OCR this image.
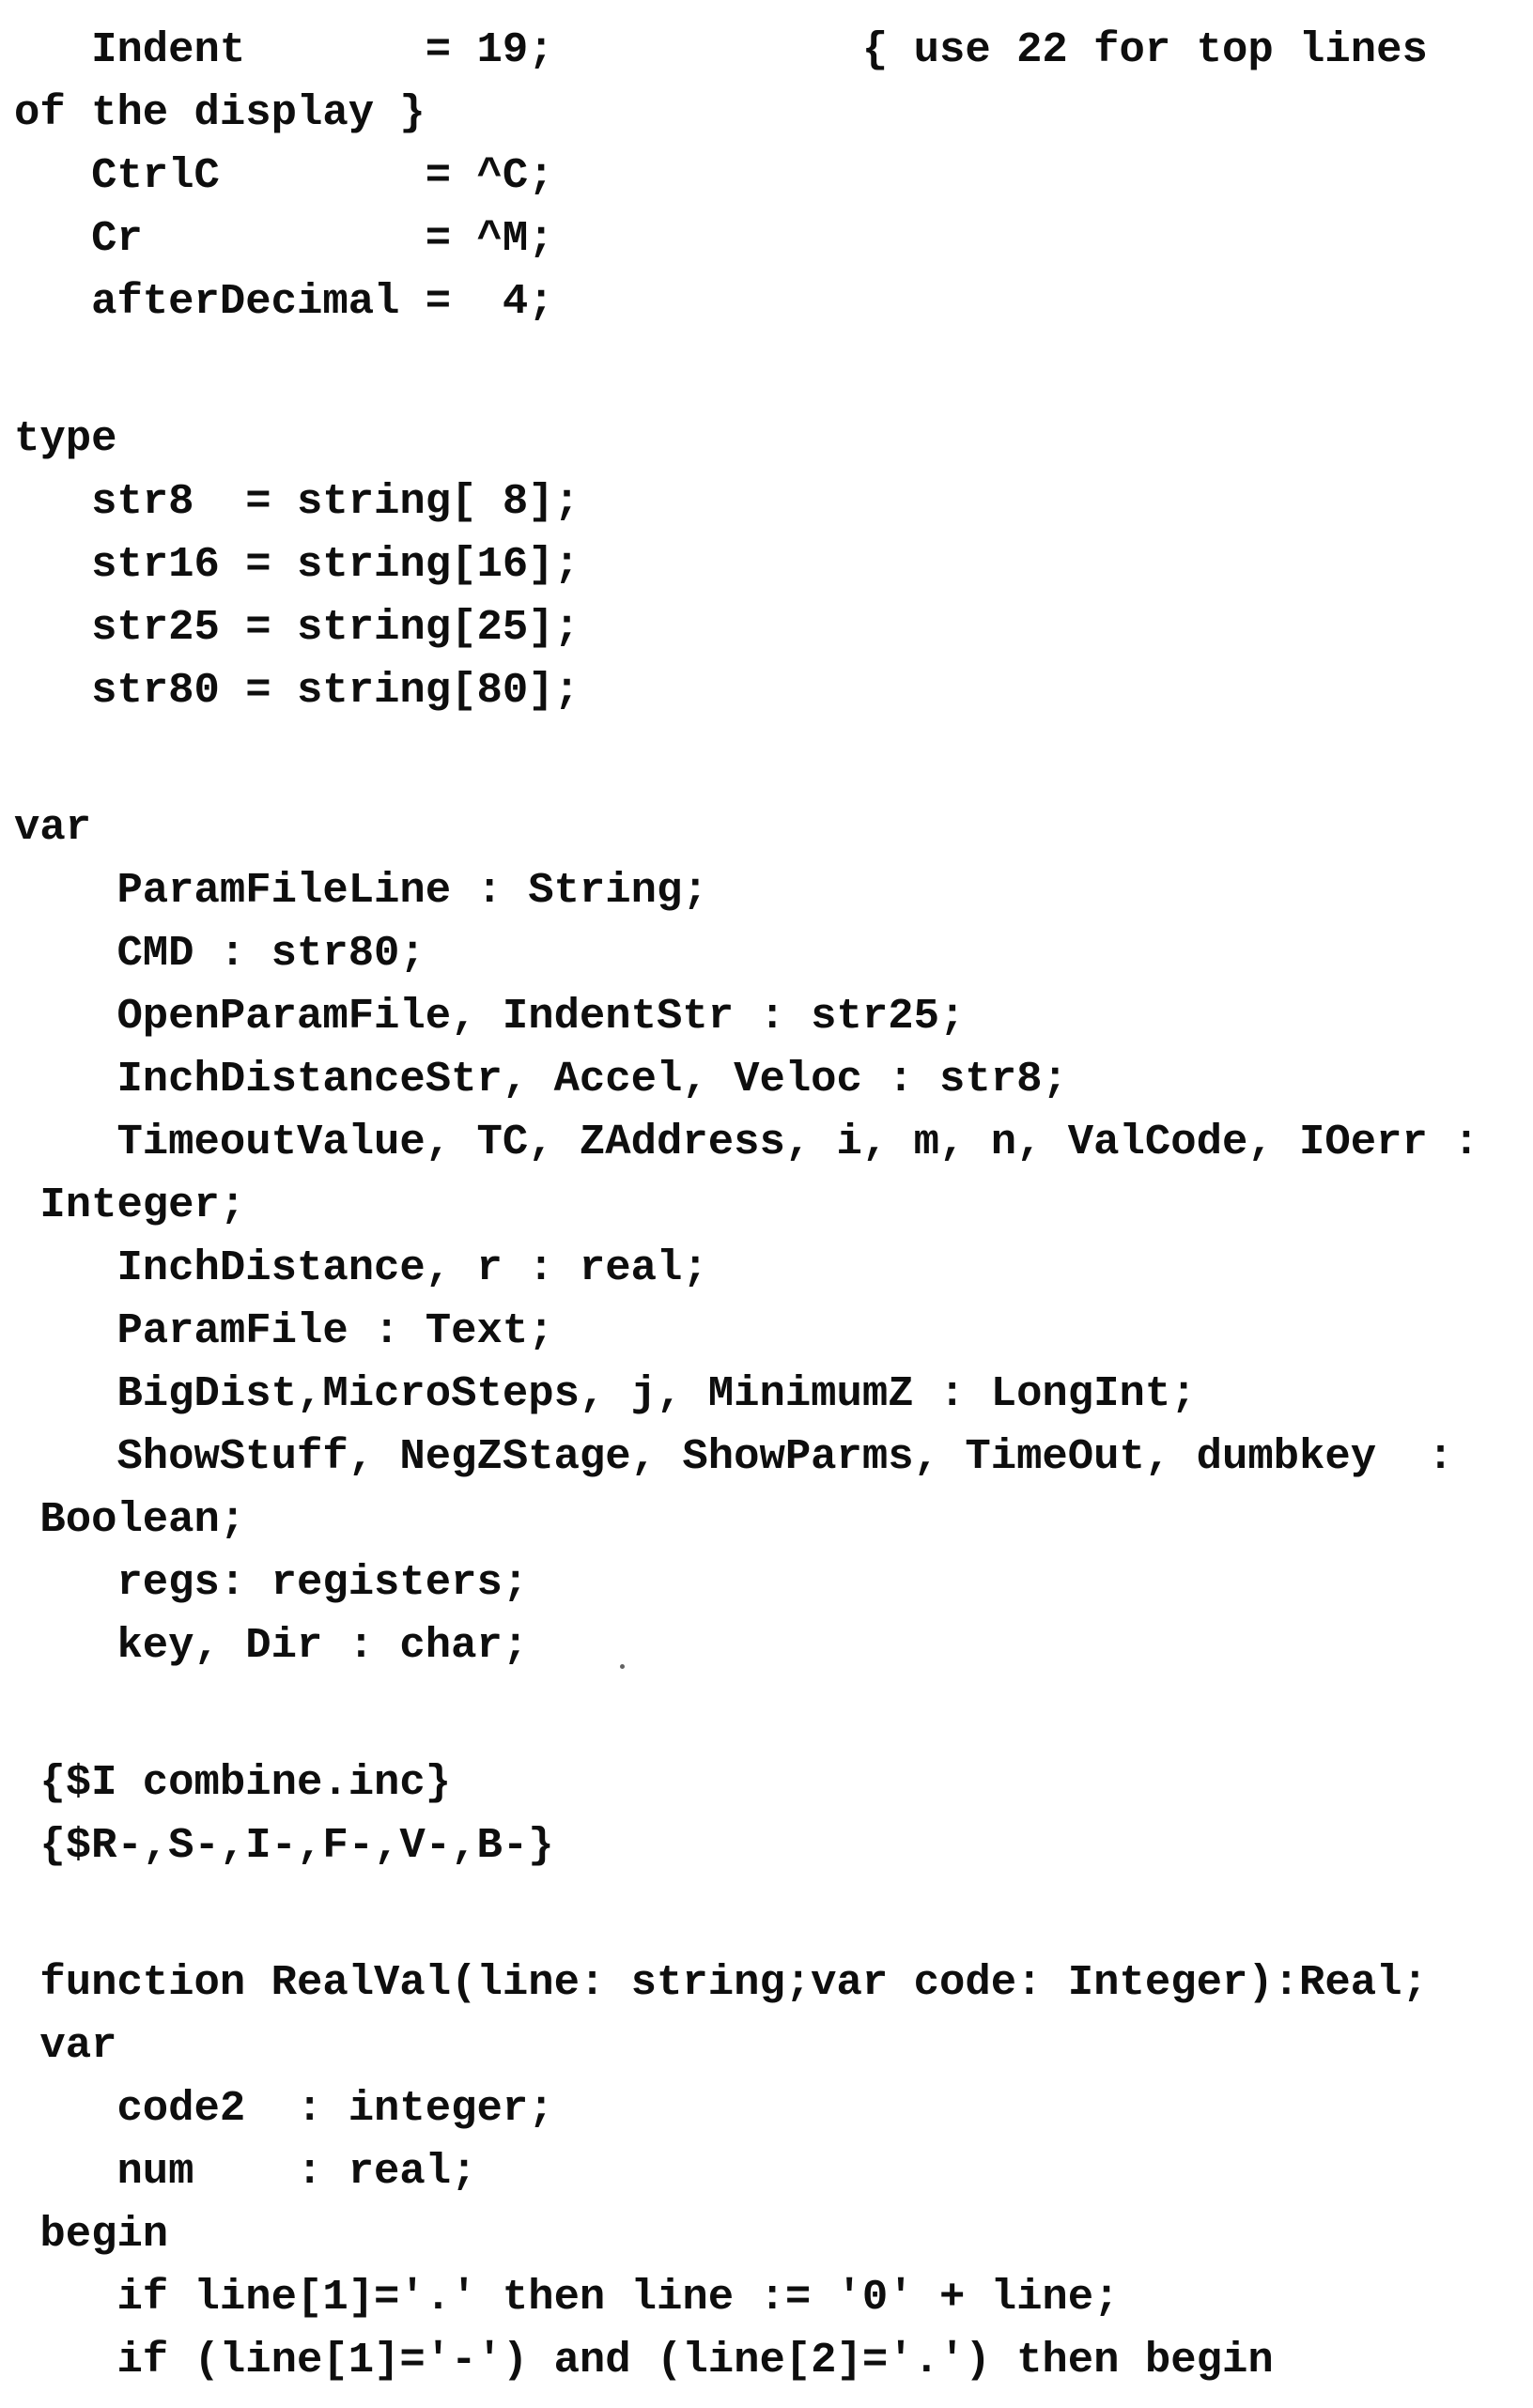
Indent       = 19;            { use 22 for top lines
of the display }
CtrlC        = ^C;
Cr           = ^M;
afterDecimal =  4;
type
str8  = string[ 8];
str16 = string[16];
str25 = string[25];
str80 = string[80];
var
ParamFileLine : String;
CMD : str80;
OpenParamFile, IndentStr : str25;
InchDistanceStr, Accel, Veloc : str8;
TimeoutValue, TC, ZAddress, i, m, n, ValCode, IOerr :
Integer;
InchDistance, r : real;
ParamFile : Text;
BigDist,MicroSteps, j, MinimumZ : LongInt;
ShowStuff, NegZStage, ShowParms, TimeOut, dumbkey  :
Boolean;
regs: registers;
key, Dir : char;
{$I combine.inc}
{$R-,S-,I-,F-,V-,B-}
function RealVal(line: string;var code: Integer):Real;
var
code2  : integer;
num    : real;
begin
if line[1]='.' then line := '0' + line;
if (line[1]='-') and (line[2]='.') then begin
